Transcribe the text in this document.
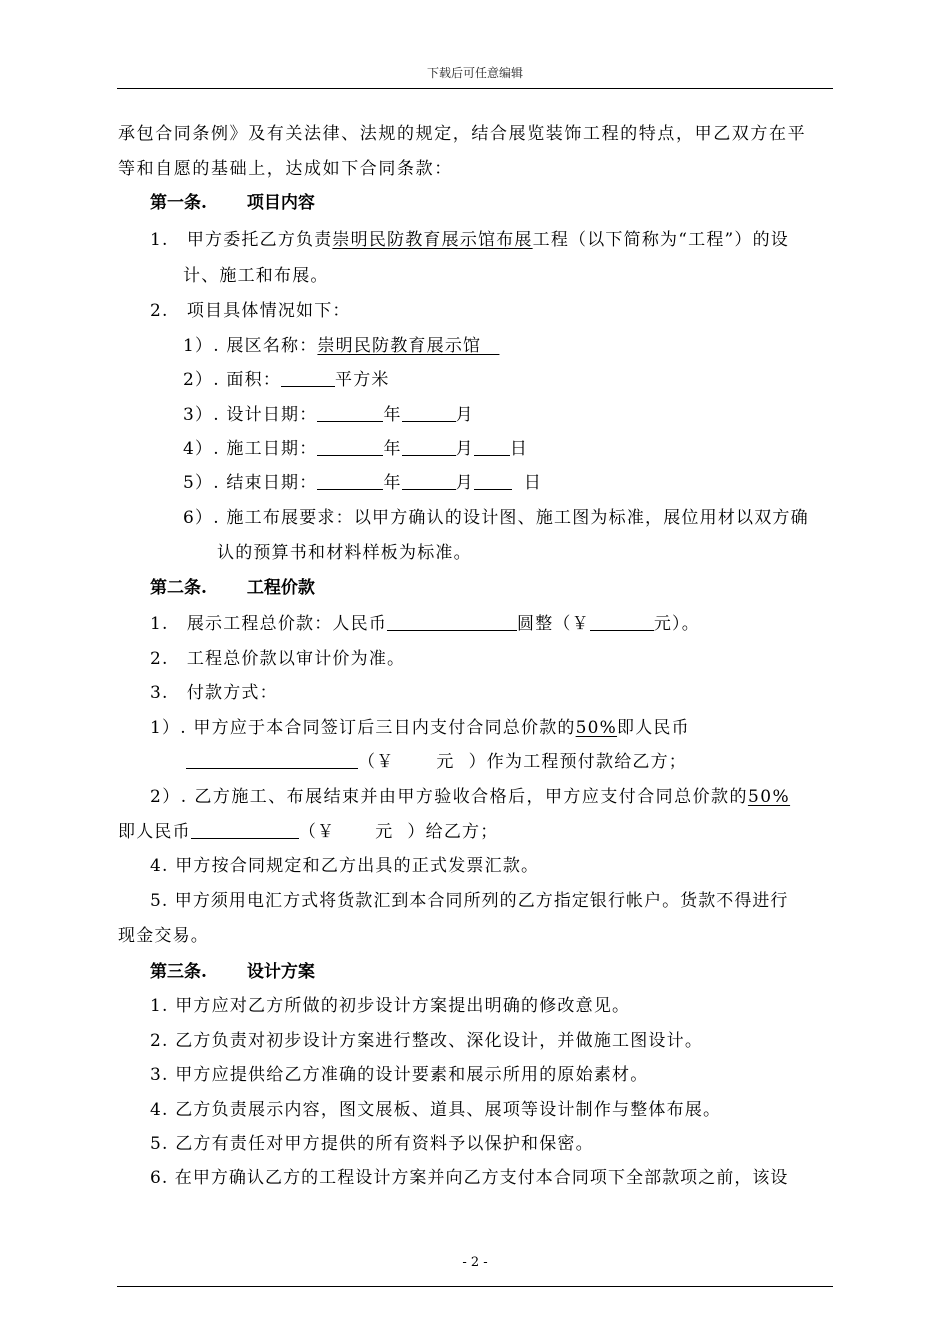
下载后可任意编辑
承包合同条例》及有关法律、法规的规定，结合展览装饰工程的特点，甲乙双方在平
等和自愿的基础上，达成如下合同条款：
第一条. 项目内容
1.　甲方委托乙方负责崇明民防教育展示馆布展工程（以下简称为“工程”）的设
计、施工和布展。
2.　项目具体情况如下：
1）. 展区名称：崇明民防教育展示馆　
2）. 面积：	平方米
3）. 设计日期：	年	月
4）. 施工日期：	年	月 日
5）. 结束日期：	年	月	日
6）. 施工布展要求：以甲方确认的设计图、施工图为标准，展位用材以双方确
认的预算书和材料样板为标准。
第二条. 工程价款
1.　展示工程总价款：人民币	圆整（￥	元）。
2.　工程总价款以审计价为准。
3.　付款方式：
1）. 甲方应于本合同签订后三日内支付合同总价款的50%即人民币
（￥ 元 ）作为工程预付款给乙方；
2）. 乙方施工、布展结束并由甲方验收合格后，甲方应支付合同总价款的50%
即人民币	（￥ 元 ）给乙方；
4. 甲方按合同规定和乙方出具的正式发票汇款。
5. 甲方须用电汇方式将货款汇到本合同所列的乙方指定银行帐户。货款不得进行
现金交易。
第三条. 设计方案
1. 甲方应对乙方所做的初步设计方案提出明确的修改意见。
2. 乙方负责对初步设计方案进行整改、深化设计，并做施工图设计。
3. 甲方应提供给乙方准确的设计要素和展示所用的原始素材。
4. 乙方负责展示内容，图文展板、道具、展项等设计制作与整体布展。
5. 乙方有责任对甲方提供的所有资料予以保护和保密。
6. 在甲方确认乙方的工程设计方案并向乙方支付本合同项下全部款项之前，该设
- 2 -
